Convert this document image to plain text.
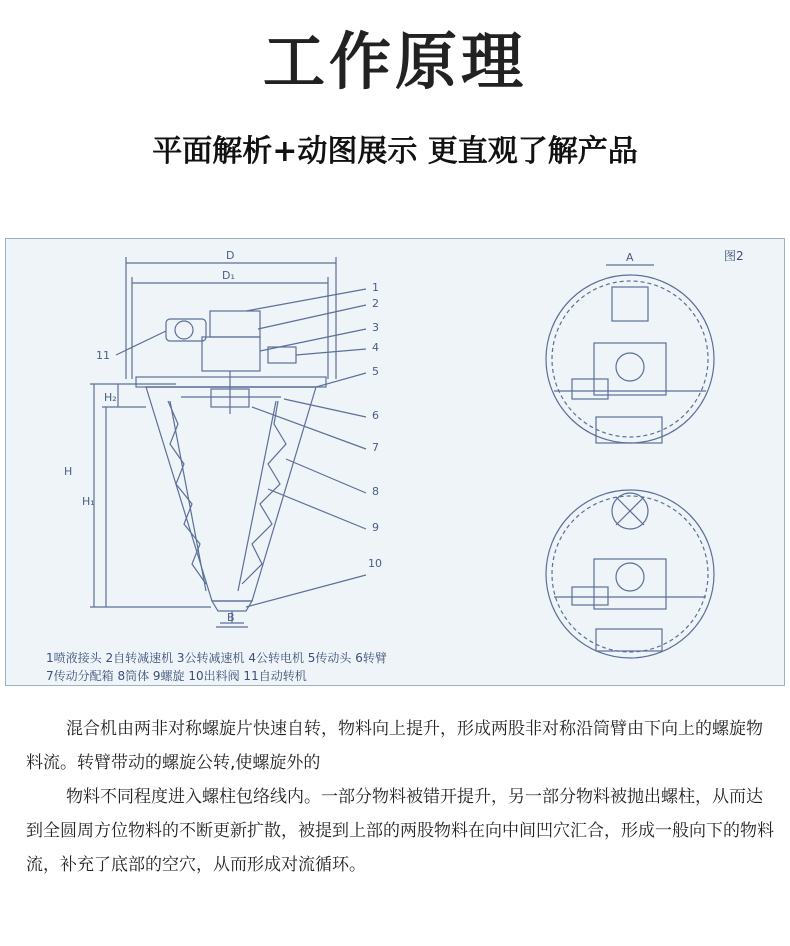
工作原理
平面解析+动图展示 更直观了解产品
D
D₁
H
H₁
H₂
B
A
1
2
3
4
5
6
7
8
9
10
11
图2
1喷液接头 2自转减速机 3公转减速机 4公转电机 5传动头 6转臂
7传动分配箱 8筒体 9螺旋 10出料阀 11自动转机

混合机由两非对称螺旋片快速自转，物料向上提升，形成两股非对称沿筒臂由下向上的螺旋物料流。转臂带动的螺旋公转,使螺旋外的

物料不同程度进入螺柱包络线内。一部分物料被错开提升，另一部分物料被抛出螺柱，从而达到全圆周方位物料的不断更新扩散，被提到上部的两股物料在向中间凹穴汇合，形成一般向下的物料流，补充了底部的空穴，从而形成对流循环。
